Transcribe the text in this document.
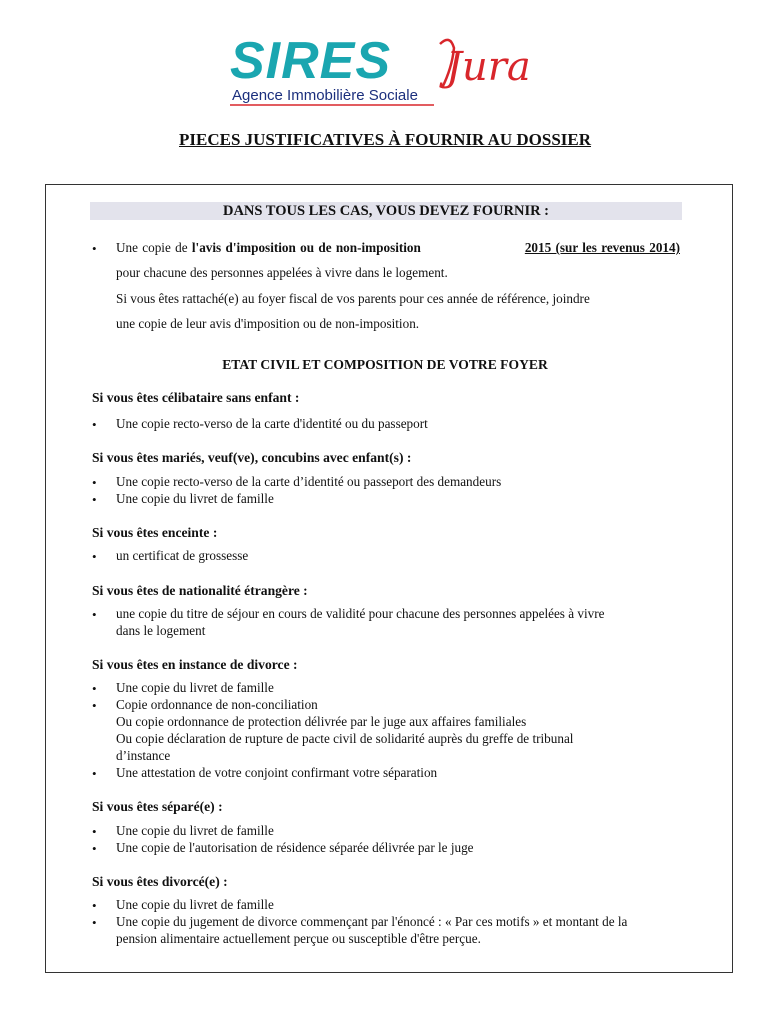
SIRES Jura
Agence Immobilière Sociale
PIECES JUSTIFICATIVES À FOURNIR AU DOSSIER
DANS TOUS LES CAS, VOUS DEVEZ FOURNIR :
• Une copie de l'avis d'imposition ou de non-imposition	2015 (sur les revenus 2014)
pour chacune des personnes appelées à vivre dans le logement.
Si vous êtes rattaché(e) au foyer fiscal de vos parents pour ces année de référence, joindre
une copie de leur avis d'imposition ou de non-imposition.
ETAT CIVIL ET COMPOSITION DE VOTRE FOYER
Si vous êtes célibataire sans enfant :
• Une copie recto-verso de la carte d'identité ou du passeport
Si vous êtes mariés, veuf(ve), concubins avec enfant(s) :
• Une copie recto-verso de la carte d’identité ou passeport des demandeurs
• Une copie du livret de famille
Si vous êtes enceinte :
• un certificat de grossesse
Si vous êtes de nationalité étrangère :
• une copie du titre de séjour en cours de validité pour chacune des personnes appelées à vivre
dans le logement
Si vous êtes en instance de divorce :
• Une copie du livret de famille
• Copie ordonnance de non-conciliation
Ou copie ordonnance de protection délivrée par le juge aux affaires familiales
Ou copie déclaration de rupture de pacte civil de solidarité auprès du greffe de tribunal
d’instance
• Une attestation de votre conjoint confirmant votre séparation
Si vous êtes séparé(e) :
• Une copie du livret de famille
• Une copie de l'autorisation de résidence séparée délivrée par le juge
Si vous êtes divorcé(e) :
• Une copie du livret de famille
• Une copie du jugement de divorce commençant par l'énoncé : « Par ces motifs » et montant de la
pension alimentaire actuellement perçue ou susceptible d'être perçue.
